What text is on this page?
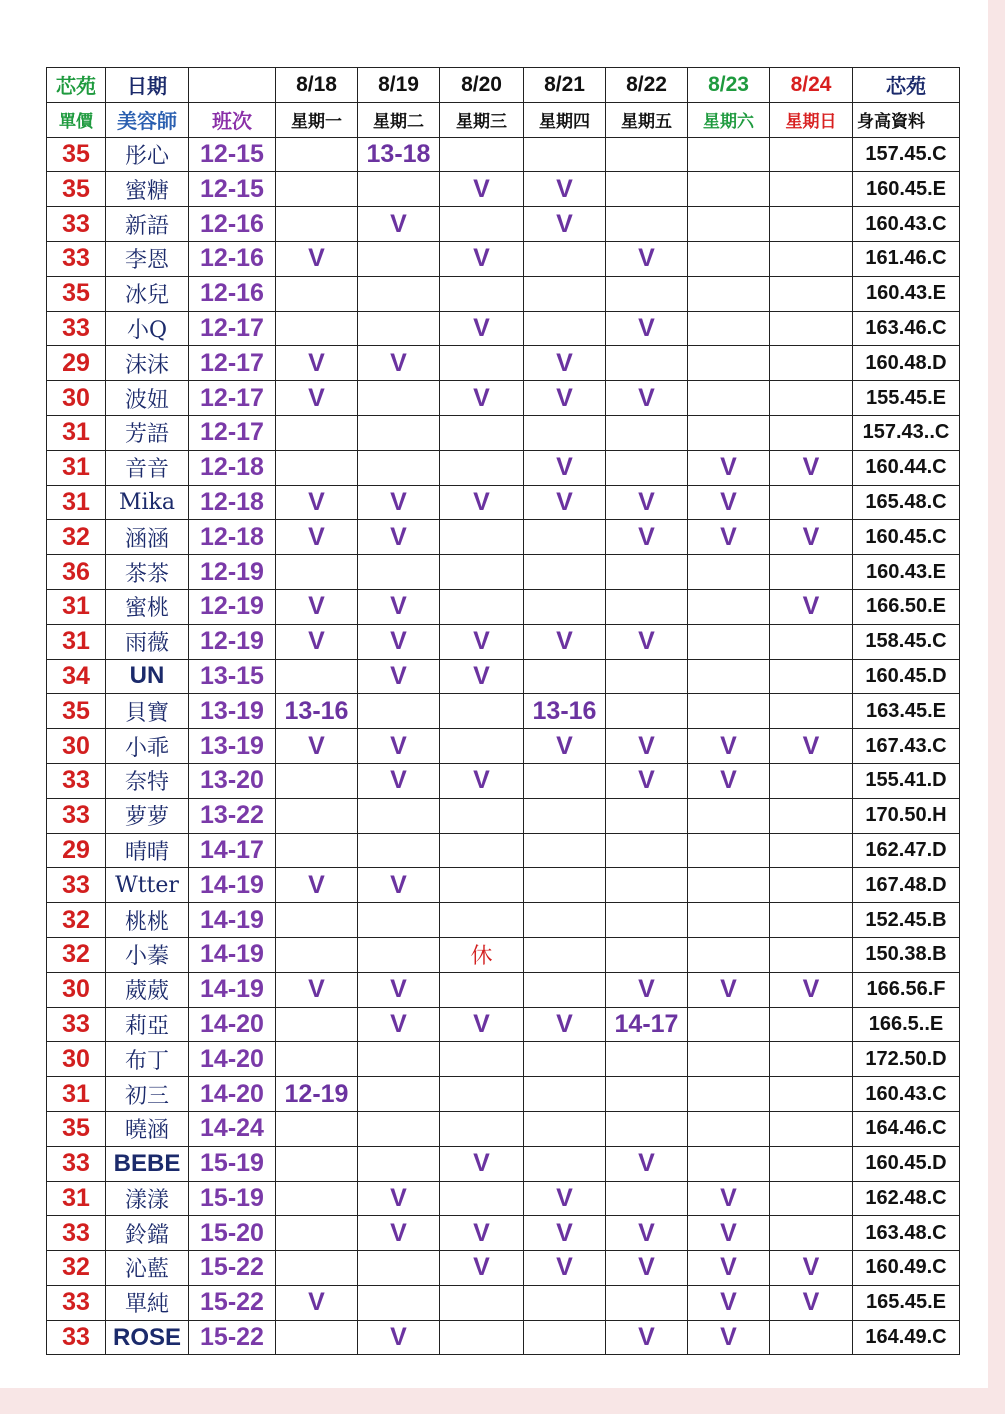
芯苑	日期		8/18	8/19	8/20	8/21	8/22	8/23	8/24	芯苑
單價	美容師	班次	星期一	星期二	星期三	星期四	星期五	星期六	星期日	身高資料
35	彤心	12-15		13-18						157.45.C
35	蜜糖	12-15			V	V				160.45.E
33	新語	12-16		V		V				160.43.C
33	李恩	12-16	V		V		V			161.46.C
35	冰兒	12-16								160.43.E
33	小Q	12-17			V		V			163.46.C
29	沫沫	12-17	V	V		V				160.48.D
30	波妞	12-17	V		V	V	V			155.45.E
31	芳語	12-17								157.43..C
31	音音	12-18				V		V	V	160.44.C
31	Mika	12-18	V	V	V	V	V	V		165.48.C
32	涵涵	12-18	V	V			V	V	V	160.45.C
36	茶茶	12-19								160.43.E
31	蜜桃	12-19	V	V					V	166.50.E
31	雨薇	12-19	V	V	V	V	V			158.45.C
34	UN	13-15		V	V					160.45.D
35	貝寶	13-19	13-16			13-16				163.45.E
30	小乖	13-19	V	V		V	V	V	V	167.43.C
33	奈特	13-20		V	V		V	V		155.41.D
33	萝萝	13-22								170.50.H
29	晴晴	14-17								162.47.D
33	Wtter	14-19	V	V						167.48.D
32	桃桃	14-19								152.45.B
32	小蓁	14-19			休					150.38.B
30	葳葳	14-19	V	V			V	V	V	166.56.F
33	莉亞	14-20		V	V	V	14-17			166.5..E
30	布丁	14-20								172.50.D
31	初三	14-20	12-19							160.43.C
35	曉涵	14-24								164.46.C
33	BEBE	15-19			V		V			160.45.D
31	漾漾	15-19		V		V		V		162.48.C
33	鈴鐺	15-20		V	V	V	V	V		163.48.C
32	沁藍	15-22			V	V	V	V	V	160.49.C
33	單純	15-22	V					V	V	165.45.E
33	ROSE	15-22		V			V	V		164.49.C
